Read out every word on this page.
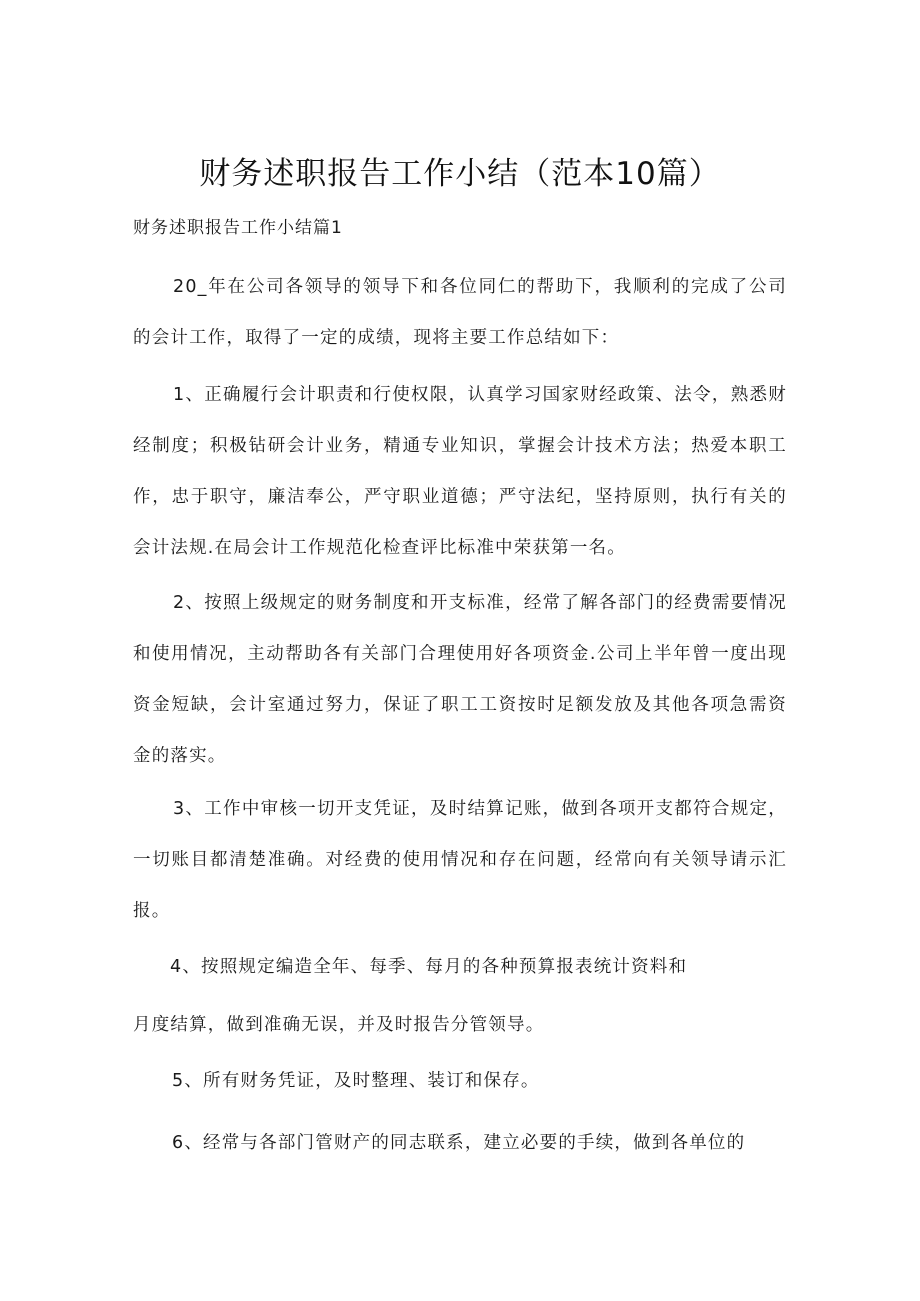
财务述职报告工作小结（范本10篇）
财务述职报告工作小结篇1

20_年在公司各领导的领导下和各位同仁的帮助下，我顺利的完成了公司的会计工作，取得了一定的成绩，现将主要工作总结如下：

1、正确履行会计职责和行使权限，认真学习国家财经政策、法令，熟悉财经制度；积极钻研会计业务，精通专业知识，掌握会计技术方法；热爱本职工作，忠于职守，廉洁奉公，严守职业道德；严守法纪，坚持原则，执行有关的会计法规.在局会计工作规范化检查评比标准中荣获第一名。

2、按照上级规定的财务制度和开支标准，经常了解各部门的经费需要情况和使用情况，主动帮助各有关部门合理使用好各项资金.公司上半年曾一度出现资金短缺，会计室通过努力，保证了职工工资按时足额发放及其他各项急需资金的落实。

3、工作中审核一切开支凭证，及时结算记账，做到各项开支都符合规定，一切账目都清楚准确。对经费的使用情况和存在问题，经常向有关领导请示汇报。

4、按照规定编造全年、每季、每月的各种预算报表统计资料和

月度结算，做到准确无误，并及时报告分管领导。

5、所有财务凭证，及时整理、装订和保存。

6、经常与各部门管财产的同志联系，建立必要的手续，做到各单位的
